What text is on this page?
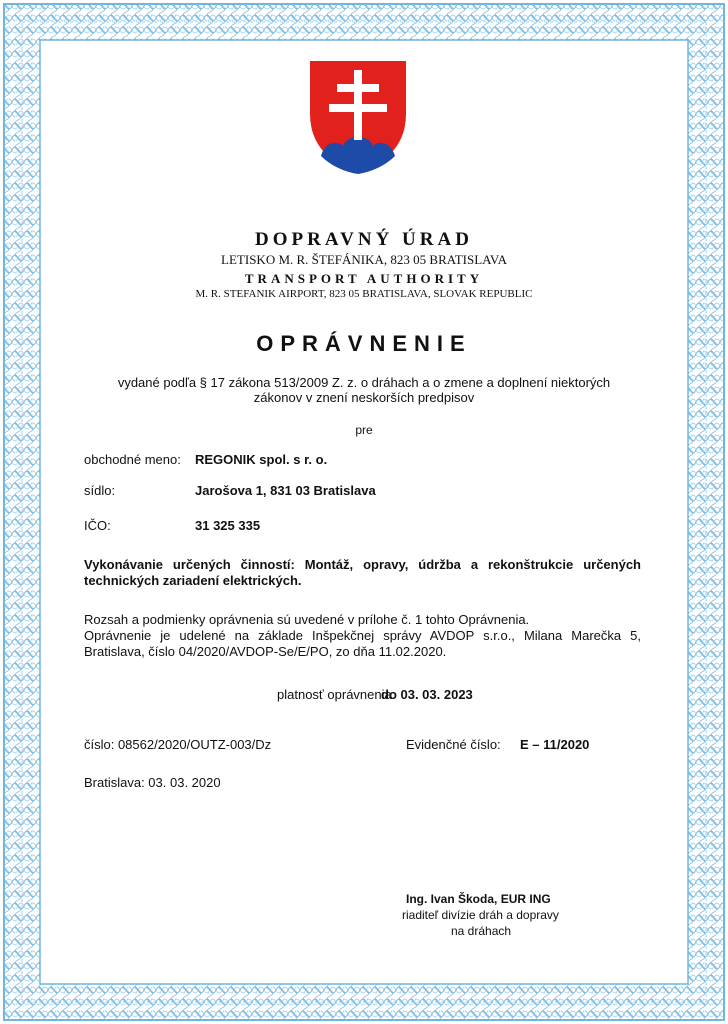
DOPRAVNÝ ÚRAD
LETISKO M. R. ŠTEFÁNIKA, 823 05 BRATISLAVA
TRANSPORT AUTHORITY
M. R. STEFANIK AIRPORT, 823 05 BRATISLAVA, SLOVAK REPUBLIC
OPRÁVNENIE
vydané podľa § 17 zákona 513/2009 Z. z. o dráhach a o zmene a doplnení niektorých
zákonov v znení neskorších predpisov
pre
obchodné meno: REGONIK spol. s r. o.
sídlo:	Jarošova 1, 831 03 Bratislava
IČO:	31 325 335
Vykonávanie určených činností: Montáž, opravy, údržba a rekonštrukcie určených technických zariadení elektrických.
Rozsah a podmienky oprávnenia sú uvedené v prílohe č. 1 tohto Oprávnenia.
Oprávnenie je udelené na základe Inšpekčnej správy AVDOP s.r.o., Milana Marečka 5,
Bratislava, číslo 04/2020/AVDOP-Se/E/PO, zo dňa 11.02.2020.
platnosť oprávnenia:
do 03. 03. 2023
číslo: 08562/2020/OUTZ-003/Dz	Evidenčné číslo: E – 11/2020
Bratislava: 03. 03. 2020
Ing. Ivan Škoda, EUR ING
riaditeľ divízie dráh a dopravy
na dráhach
